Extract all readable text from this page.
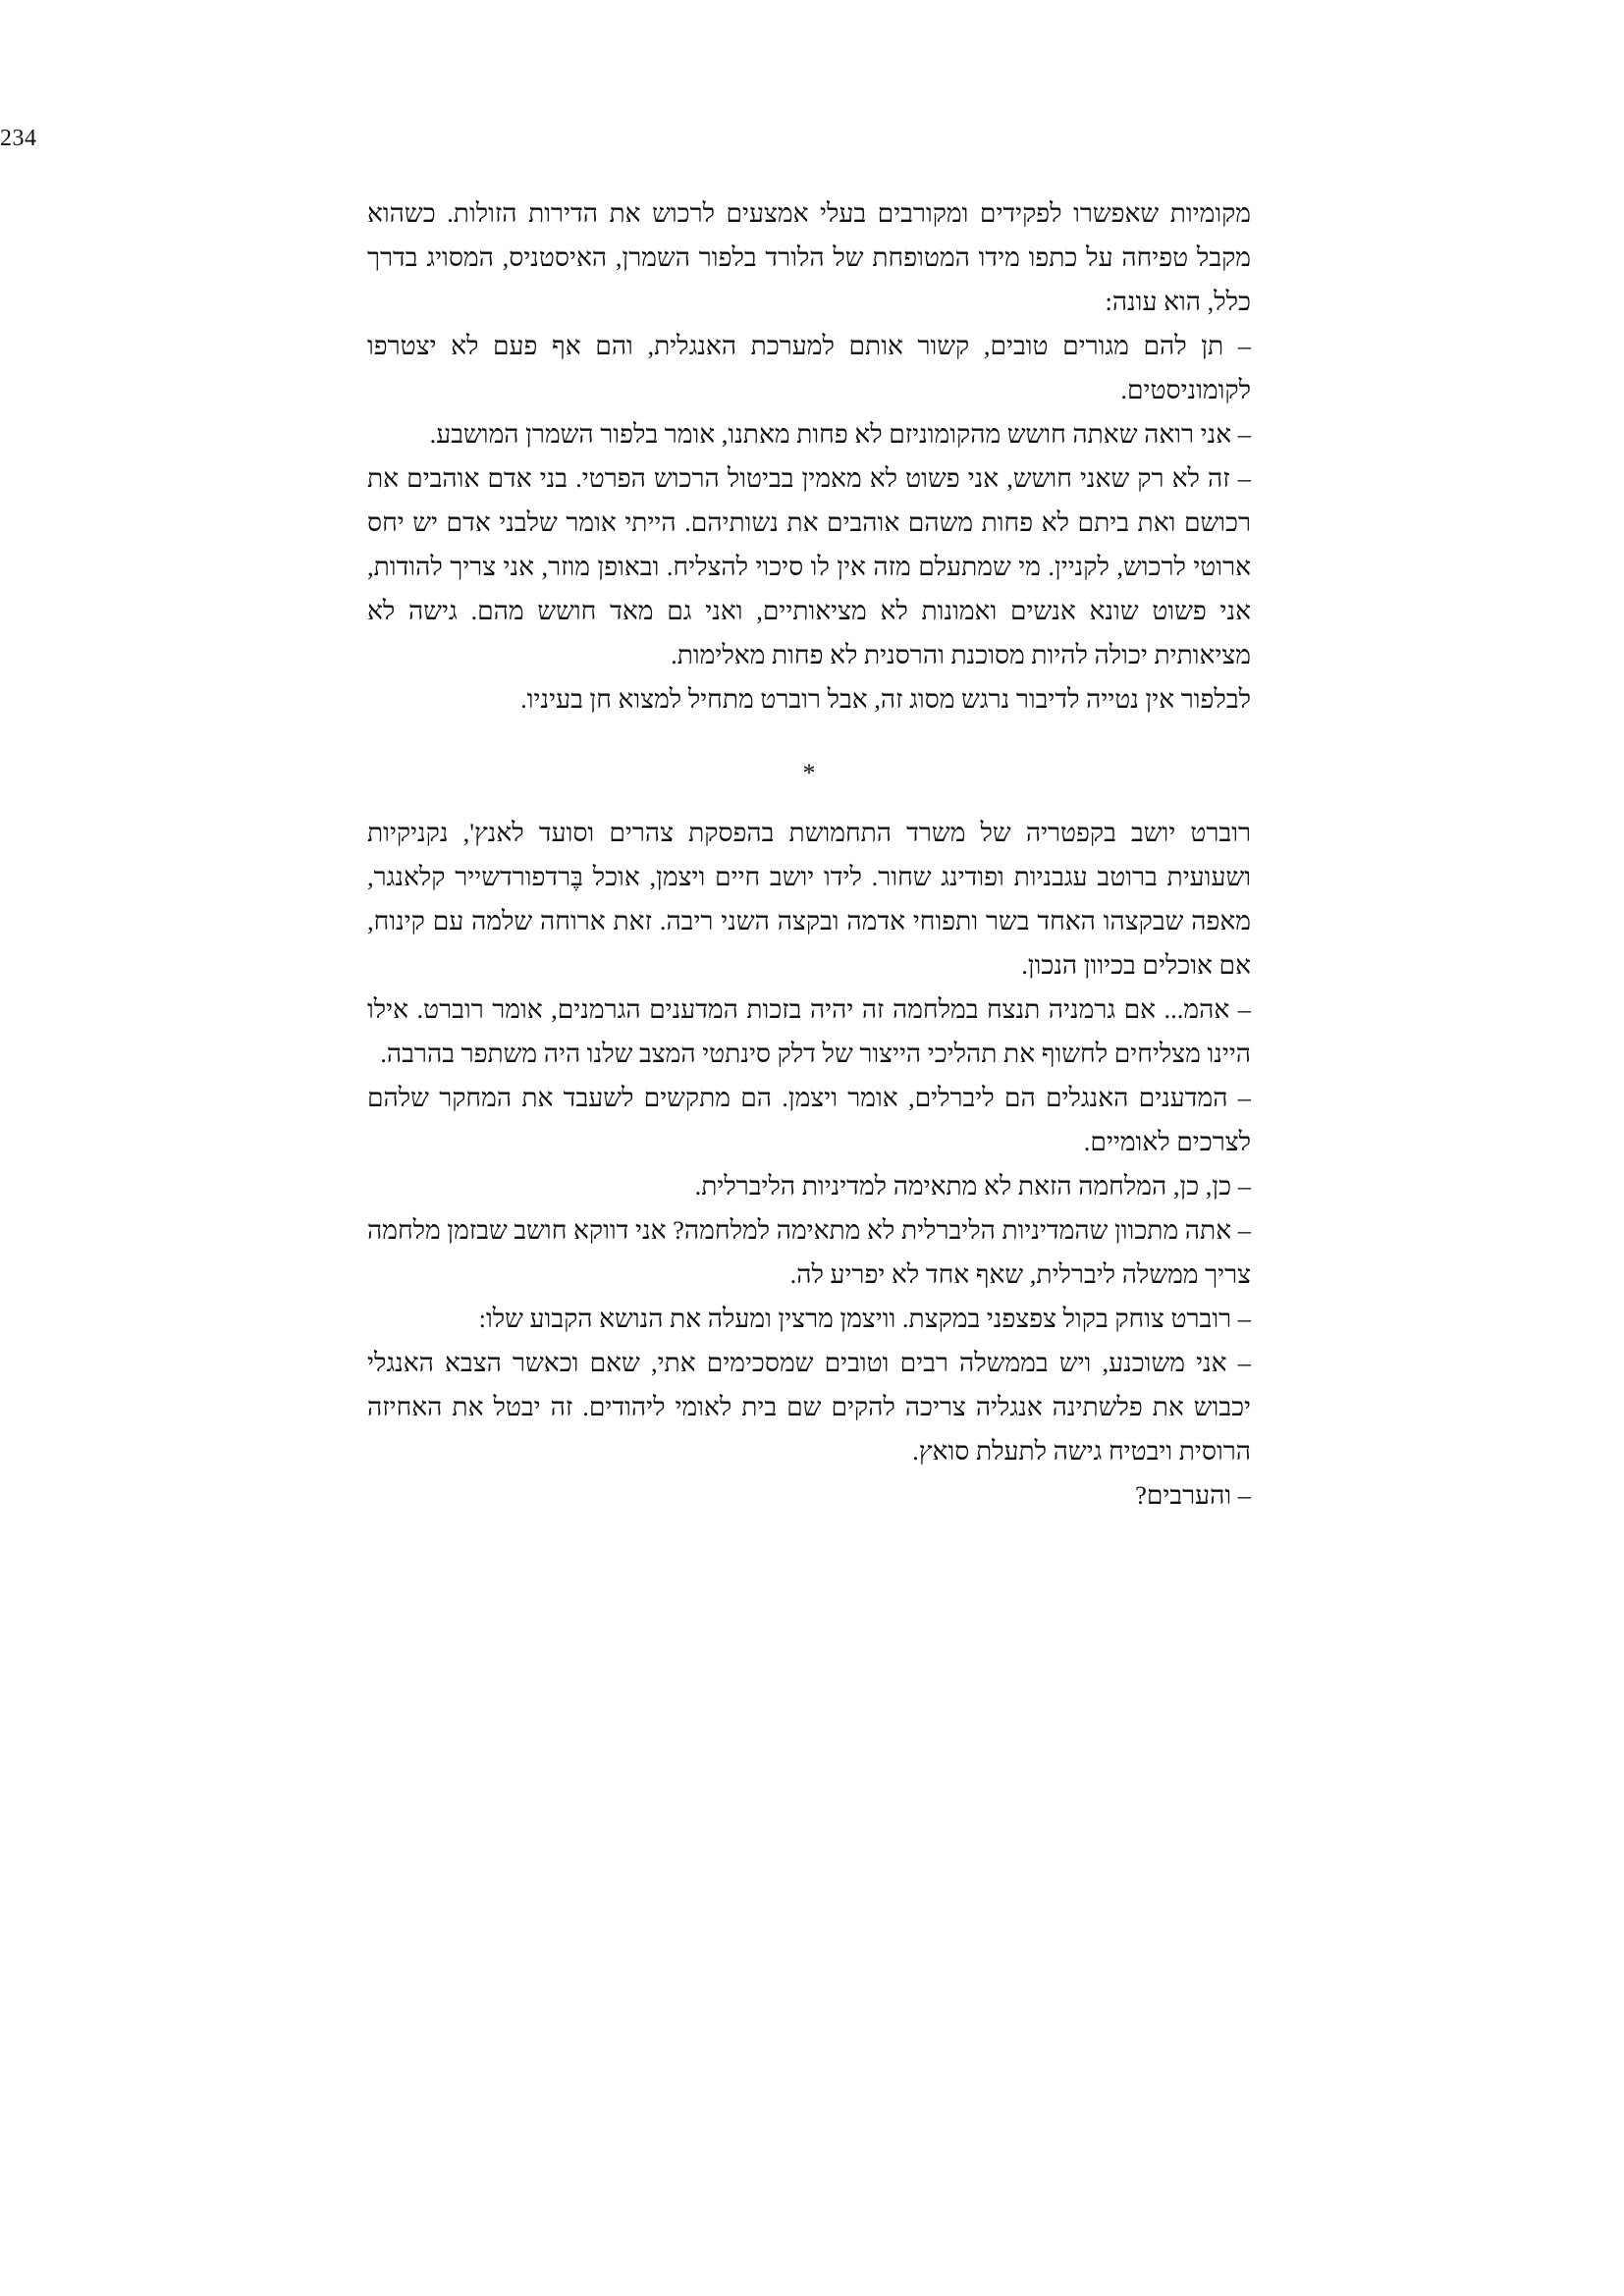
234

מקומיות שאפשרו לפקידים ומקורבים בעלי אמצעים לרכוש את הדירות הזולות. כשהוא מקבל טפיחה על כתפו מידו המטופחת של הלורד בלפור השמרן, האיסטניס, המסויג בדרך כלל, הוא עונה:

– תן להם מגורים טובים, קשור אותם למערכת האנגלית, והם אף פעם לא יצטרפו לקומוניסטים.

– אני רואה שאתה חושש מהקומוניזם לא פחות מאתנו, אומר בלפור השמרן המושבע.

– זה לא רק שאני חושש, אני פשוט לא מאמין בביטול הרכוש הפרטי. בני אדם אוהבים את רכושם ואת ביתם לא פחות משהם אוהבים את נשותיהם. הייתי אומר שלבני אדם יש יחס ארוטי לרכוש, לקניין. מי שמתעלם מזה אין לו סיכוי להצליח. ובאופן מוזר, אני צריך להודות, אני פשוט שונא אנשים ואמונות לא מציאותיים, ואני גם מאד חושש מהם. גישה לא מציאותית יכולה להיות מסוכנת והרסנית לא פחות מאלימות.

לבלפור אין נטייה לדיבור נרגש מסוג זה, אבל רוברט מתחיל למצוא חן בעיניו.

*

רוברט יושב בקפטריה של משרד התחמושת בהפסקת צהרים וסועד לאנץ', נקניקיות ושעועית ברוטב עגבניות ופודינג שחור. לידו יושב חיים ויצמן, אוכל בֶּרדפורדשייר קלאנגר, מאפה שבקצהו האחד בשר ותפוחי אדמה ובקצה השני ריבה. זאת ארוחה שלמה עם קינוח, אם אוכלים בכיוון הנכון.

– אהמ... אם גרמניה תנצח במלחמה זה יהיה בזכות המדענים הגרמנים, אומר רוברט. אילו היינו מצליחים לחשוף את תהליכי הייצור של דלק סינתטי המצב שלנו היה משתפר בהרבה.

– המדענים האנגלים הם ליברלים, אומר ויצמן. הם מתקשים לשעבד את המחקר שלהם לצרכים לאומיים.

– כן, כן, המלחמה הזאת לא מתאימה למדיניות הליברלית.

– אתה מתכוון שהמדיניות הליברלית לא מתאימה למלחמה? אני דווקא חושב שבזמן מלחמה צריך ממשלה ליברלית, שאף אחד לא יפריע לה.

– רוברט צוחק בקול צפצפני במקצת. וויצמן מרצין ומעלה את הנושא הקבוע שלו:

– אני משוכנע, ויש בממשלה רבים וטובים שמסכימים אתי, שאם וכאשר הצבא האנגלי יכבוש את פלשתינה אנגליה צריכה להקים שם בית לאומי ליהודים. זה יבטל את האחיזה הרוסית ויבטיח גישה לתעלת סואץ.

– והערבים?
